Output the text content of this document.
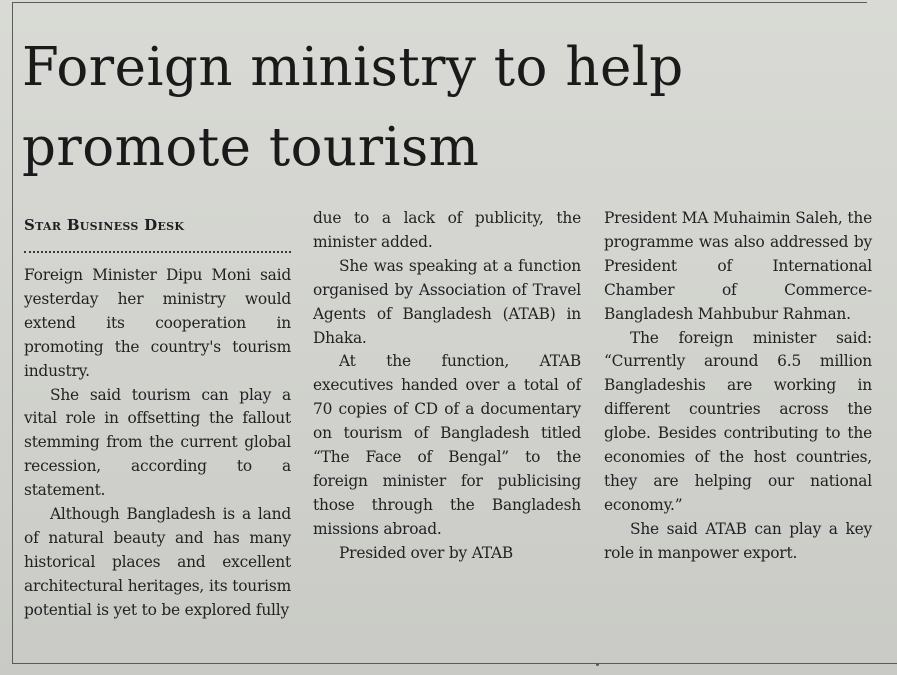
Foreign ministry to help
promote tourism
Star Business Desk

Foreign Minister Dipu Moni said yesterday her ministry would extend its cooperation in promoting the country's tourism industry.

She said tourism can play a vital role in offsetting the fallout stemming from the current global recession, according to a statement.

Although Bangladesh is a land of natural beauty and has many historical places and excellent architectural heritages, its tourism potential is yet to be explored fully

due to a lack of publicity, the minister added.

She was speaking at a function organised by Association of Travel Agents of Bangladesh (ATAB) in Dhaka.

At the function, ATAB executives handed over a total of 70 copies of CD of a documentary on tourism of Bangladesh titled “The Face of Bengal” to the foreign minister for publicising those through the Bangladesh missions abroad.

Presided over by ATAB

President MA Muhaimin Saleh, the programme was also addressed by President of International Chamber of Commerce-Bangladesh Mahbubur Rahman.

The foreign minister said: “Currently around 6.5 million Bangladeshis are working in different countries across the globe. Besides contributing to the economies of the host countries, they are helping our national economy.”

She said ATAB can play a key role in manpower export.
